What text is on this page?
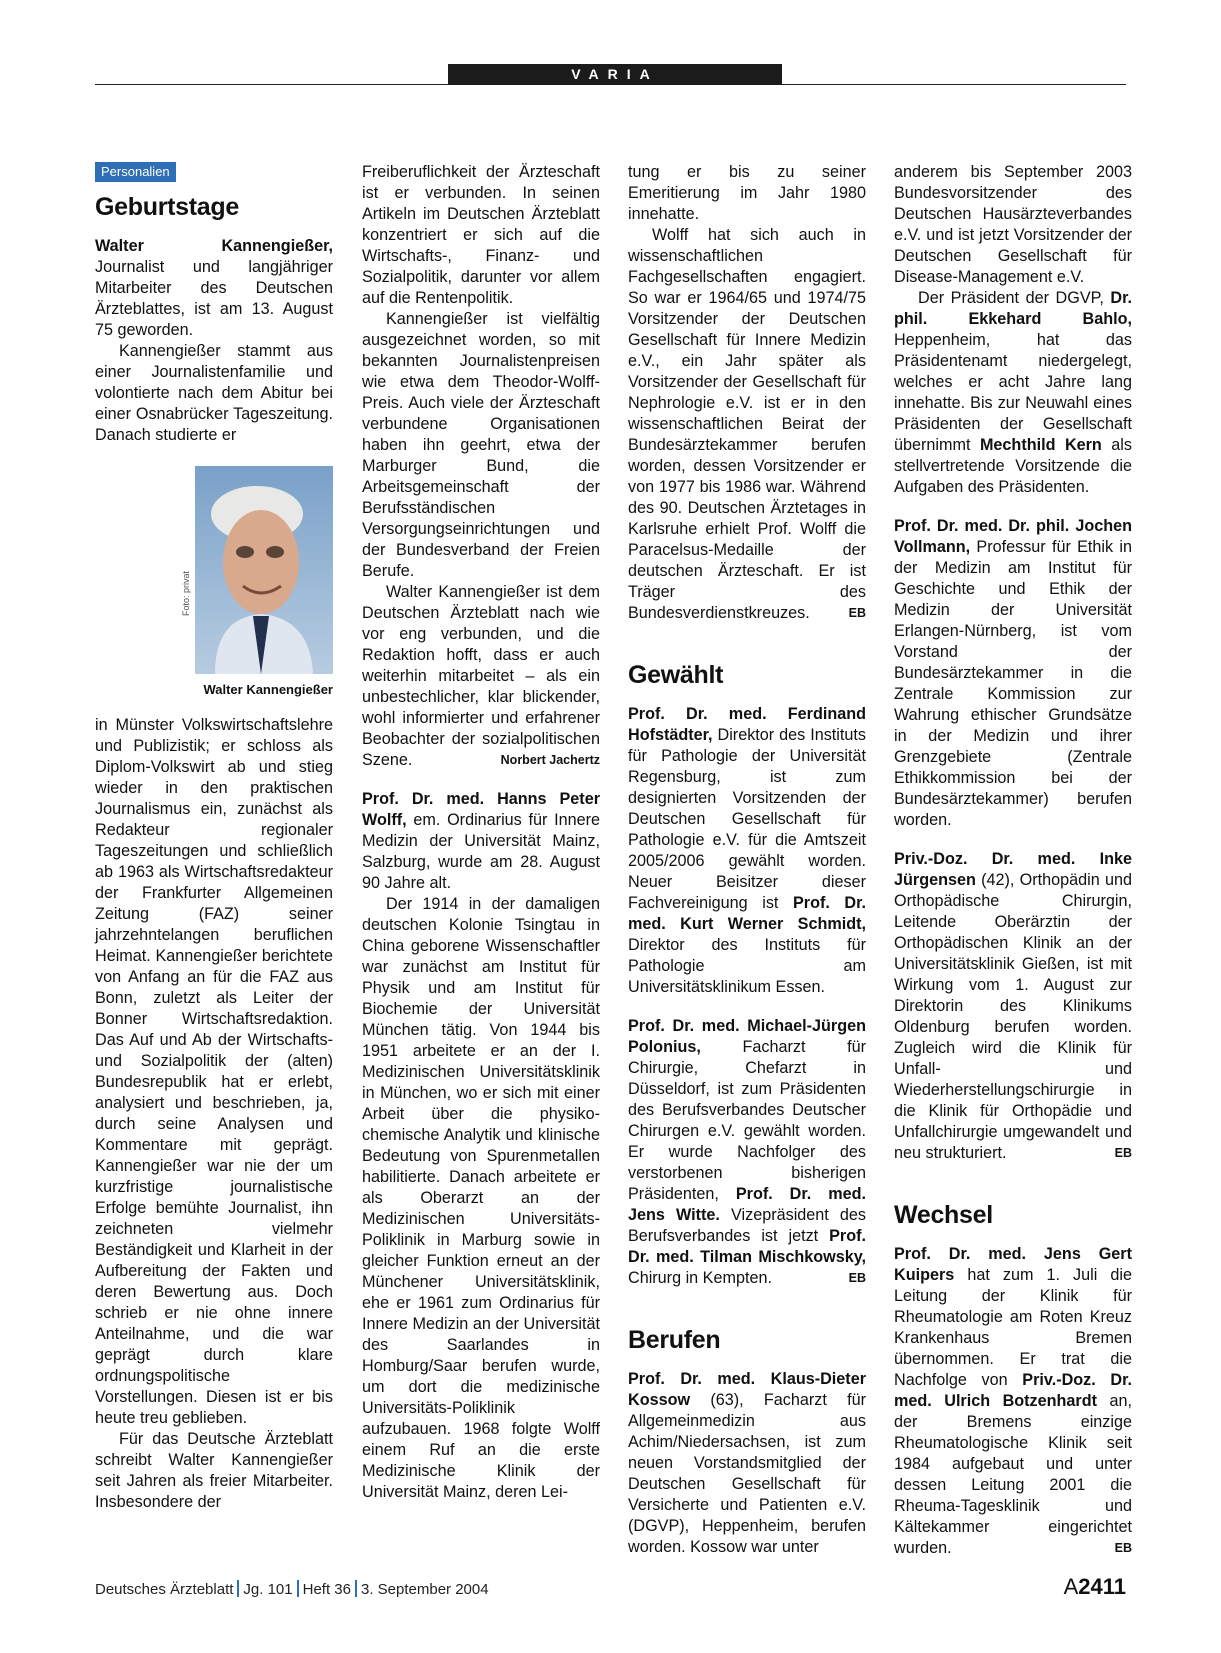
VARIA
Personalien
Geburtstage

Walter Kannengießer, Journalist und langjähriger Mitarbeiter des Deutschen Ärzteblattes, ist am 13. August 75 geworden.

Kannengießer stammt aus einer Journalistenfamilie und volontierte nach dem Abitur bei einer Osnabrücker Tageszeitung. Danach studierte er

Foto: privat
Walter Kannengießer

in Münster Volkswirtschaftslehre und Publizistik; er schloss als Diplom-Volkswirt ab und stieg wieder in den praktischen Journalismus ein, zunächst als Redakteur regionaler Tageszeitungen und schließlich ab 1963 als Wirtschaftsredakteur der Frankfurter Allgemeinen Zeitung (FAZ) seiner jahrzehntelangen beruflichen Heimat. Kannengießer berichtete von Anfang an für die FAZ aus Bonn, zuletzt als Leiter der Bonner Wirtschaftsredaktion. Das Auf und Ab der Wirtschafts- und Sozialpolitik der (alten) Bundesrepublik hat er erlebt, analysiert und beschrieben, ja, durch seine Analysen und Kommentare mit geprägt. Kannengießer war nie der um kurzfristige journalistische Erfolge bemühte Journalist, ihn zeichneten vielmehr Beständigkeit und Klarheit in der Aufbereitung der Fakten und deren Bewertung aus. Doch schrieb er nie ohne innere Anteilnahme, und die war geprägt durch klare ordnungspolitische Vorstellungen. Diesen ist er bis heute treu geblieben.

Für das Deutsche Ärzteblatt schreibt Walter Kannengießer seit Jahren als freier Mitarbeiter. Insbesondere der

Freiberuflichkeit der Ärzteschaft ist er verbunden. In seinen Artikeln im Deutschen Ärzteblatt konzentriert er sich auf die Wirtschafts-, Finanz- und Sozialpolitik, darunter vor allem auf die Rentenpolitik.

Kannengießer ist vielfältig ausgezeichnet worden, so mit bekannten Journalistenpreisen wie etwa dem Theodor-Wolff-Preis. Auch viele der Ärzteschaft verbundene Organisationen haben ihn geehrt, etwa der Marburger Bund, die Arbeitsgemeinschaft der Berufsständischen Versorgungseinrichtungen und der Bundesverband der Freien Berufe.

Walter Kannengießer ist dem Deutschen Ärzteblatt nach wie vor eng verbunden, und die Redaktion hofft, dass er auch weiterhin mitarbeitet – als ein unbestechlicher, klar blickender, wohl informierter und erfahrener Beobachter der sozialpolitischen Szene.	Norbert Jachertz

Prof. Dr. med. Hanns Peter Wolff, em. Ordinarius für Innere Medizin der Universität Mainz, Salzburg, wurde am 28. August 90 Jahre alt.

Der 1914 in der damaligen deutschen Kolonie Tsingtau in China geborene Wissenschaftler war zunächst am Institut für Physik und am Institut für Biochemie der Universität München tätig. Von 1944 bis 1951 arbeitete er an der I. Medizinischen Universitätsklinik in München, wo er sich mit einer Arbeit über die physiko-chemische Analytik und klinische Bedeutung von Spurenmetallen habilitierte. Danach arbeitete er als Oberarzt an der Medizinischen Universitäts-Poliklinik in Marburg sowie in gleicher Funktion erneut an der Münchener Universitätsklinik, ehe er 1961 zum Ordinarius für Innere Medizin an der Universität des Saarlandes in Homburg/Saar berufen wurde, um dort die medizinische Universitäts-Poliklinik aufzubauen. 1968 folgte Wolff einem Ruf an die erste Medizinische Klinik der Universität Mainz, deren Lei-

tung er bis zu seiner Emeritierung im Jahr 1980 innehatte.

Wolff hat sich auch in wissenschaftlichen Fachgesellschaften engagiert. So war er 1964/65 und 1974/75 Vorsitzender der Deutschen Gesellschaft für Innere Medizin e.V., ein Jahr später als Vorsitzender der Gesellschaft für Nephrologie e.V. ist er in den wissenschaftlichen Beirat der Bundesärztekammer berufen worden, dessen Vorsitzender er von 1977 bis 1986 war. Während des 90. Deutschen Ärztetages in Karlsruhe erhielt Prof. Wolff die Paracelsus-Medaille der deutschen Ärzteschaft. Er ist Träger des Bundesverdienstkreuzes.	EB
Gewählt

Prof. Dr. med. Ferdinand Hofstädter, Direktor des Instituts für Pathologie der Universität Regensburg, ist zum designierten Vorsitzenden der Deutschen Gesellschaft für Pathologie e.V. für die Amtszeit 2005/2006 gewählt worden. Neuer Beisitzer dieser Fachvereinigung ist Prof. Dr. med. Kurt Werner Schmidt, Direktor des Instituts für Pathologie am Universitätsklinikum Essen.

Prof. Dr. med. Michael-Jürgen Polonius, Facharzt für Chirurgie, Chefarzt in Düsseldorf, ist zum Präsidenten des Berufsverbandes Deutscher Chirurgen e.V. gewählt worden. Er wurde Nachfolger des verstorbenen bisherigen Präsidenten, Prof. Dr. med. Jens Witte. Vizepräsident des Berufsverbandes ist jetzt Prof. Dr. med. Tilman Mischkowsky, Chirurg in Kempten.	EB
Berufen

Prof. Dr. med. Klaus-Dieter Kossow (63), Facharzt für Allgemeinmedizin aus Achim/Niedersachsen, ist zum neuen Vorstandsmitglied der Deutschen Gesellschaft für Versicherte und Patienten e.V. (DGVP), Heppenheim, berufen worden. Kossow war unter

anderem bis September 2003 Bundesvorsitzender des Deutschen Hausärzteverbandes e.V. und ist jetzt Vorsitzender der Deutschen Gesellschaft für Disease-Management e.V.

Der Präsident der DGVP, Dr. phil. Ekkehard Bahlo, Heppenheim, hat das Präsidentenamt niedergelegt, welches er acht Jahre lang innehatte. Bis zur Neuwahl eines Präsidenten der Gesellschaft übernimmt Mechthild Kern als stellvertretende Vorsitzende die Aufgaben des Präsidenten.

Prof. Dr. med. Dr. phil. Jochen Vollmann, Professur für Ethik in der Medizin am Institut für Geschichte und Ethik der Medizin der Universität Erlangen-Nürnberg, ist vom Vorstand der Bundesärztekammer in die Zentrale Kommission zur Wahrung ethischer Grundsätze in der Medizin und ihrer Grenzgebiete (Zentrale Ethikkommission bei der Bundesärztekammer) berufen worden.

Priv.-Doz. Dr. med. Inke Jürgensen (42), Orthopädin und Orthopädische Chirurgin, Leitende Oberärztin der Orthopädischen Klinik an der Universitätsklinik Gießen, ist mit Wirkung vom 1. August zur Direktorin des Klinikums Oldenburg berufen worden. Zugleich wird die Klinik für Unfall- und Wiederherstellungschirurgie in die Klinik für Orthopädie und Unfallchirurgie umgewandelt und neu strukturiert.	EB
Wechsel

Prof. Dr. med. Jens Gert Kuipers hat zum 1. Juli die Leitung der Klinik für Rheumatologie am Roten Kreuz Krankenhaus Bremen übernommen. Er trat die Nachfolge von Priv.-Doz. Dr. med. Ulrich Botzenhardt an, der Bremens einzige Rheumatologische Klinik seit 1984 aufgebaut und unter dessen Leitung 2001 die Rheuma-Tagesklinik und Kältekammer eingerichtet wurden.	EB
Deutsches Ärzteblatt Jg. 101 Heft 36 3. September 2004	A2411
